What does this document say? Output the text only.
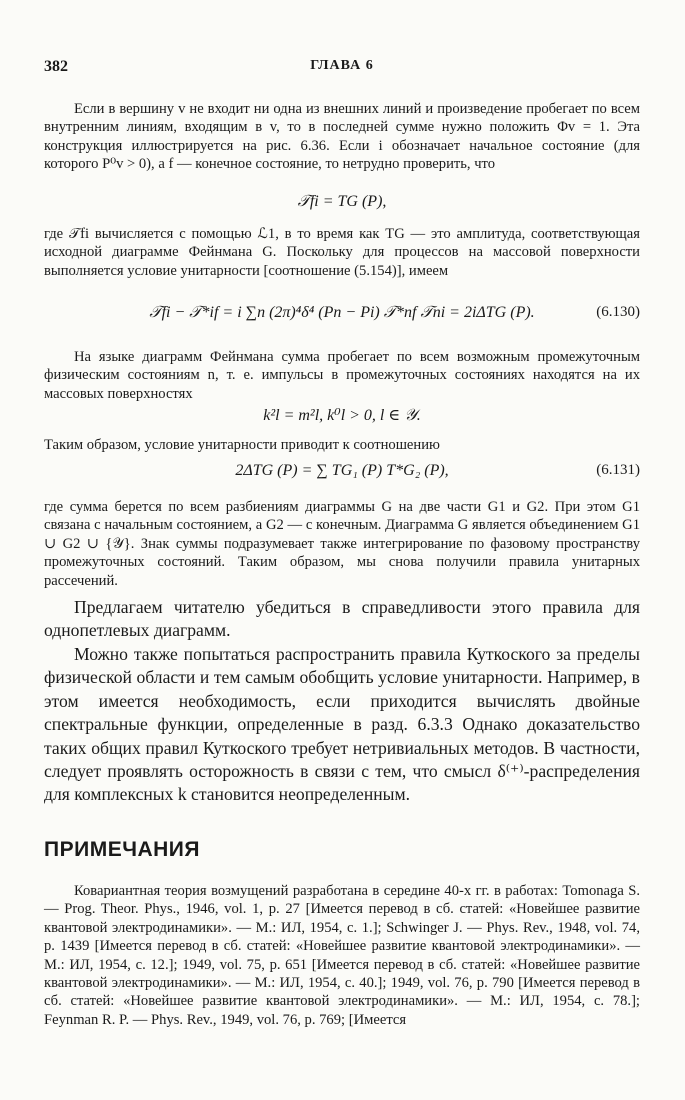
382	ГЛАВА 6

Если в вершину v не входит ни одна из внешних линий и произведение пробегает по всем внутренним линиям, входящим в v, то в последней сумме нужно положить Φv = 1. Эта конструкция иллюстрируется на рис. 6.36. Если i обозначает начальное состояние (для которого P⁰v > 0), а f — конечное состояние, то нетрудно проверить, что

𝒯fi = TG (P),

где 𝒯fi вычисляется с помощью ℒ1, в то время как TG — это амплитуда, соответствующая исходной диаграмме Фейнмана G. Поскольку для процессов на массовой поверхности выполняется условие унитарности [соотношение (5.154)], имеем

𝒯fi − 𝒯*if = i ∑n (2π)⁴δ⁴ (Pn − Pi) 𝒯*nf 𝒯ni = 2iΔTG (P).	(6.130)

На языке диаграмм Фейнмана сумма пробегает по всем возможным промежуточным физическим состояниям n, т. е. импульсы в промежуточных состояниях находятся на их массовых поверхностях

k²l = m²l, k⁰l > 0, l ∈ 𝒴.

Таким образом, условие унитарности приводит к соотношению

2ΔTG (P) = ∑ TG₁ (P) T*G₂ (P),	(6.131)

где сумма берется по всем разбиениям диаграммы G на две части G1 и G2. При этом G1 связана с начальным состоянием, а G2 — с конечным. Диаграмма G является объединением G1 ∪ G2 ∪ {𝒴}. Знак суммы подразумевает также интегрирование по фазовому пространству промежуточных состояний. Таким образом, мы снова получили правила унитарных рассечений.

Предлагаем читателю убедиться в справедливости этого правила для однопетлевых диаграмм.

Можно также попытаться распространить правила Куткоского за пределы физической области и тем самым обобщить условие унитарности. Например, в этом имеется необходимость, если приходится вычислять двойные спектральные функции, определенные в разд. 6.3.3 Однако доказательство таких общих правил Куткоского требует нетривиальных методов. В частности, следует проявлять осторожность в связи с тем, что смысл δ⁽⁺⁾-распределения для комплексных k становится неопределенным.

ПРИМЕЧАНИЯ

Ковариантная теория возмущений разработана в середине 40-х гг. в работах: Tomonaga S. — Prog. Theor. Phys., 1946, vol. 1, p. 27 [Имеется перевод в сб. статей: «Новейшее развитие квантовой электродинамики». — М.: ИЛ, 1954, с. 1.]; Schwinger J. — Phys. Rev., 1948, vol. 74, p. 1439 [Имеется перевод в сб. статей: «Новейшее развитие квантовой электродинамики». — М.: ИЛ, 1954, с. 12.]; 1949, vol. 75, p. 651 [Имеется перевод в сб. статей: «Новейшее развитие квантовой электродинамики». — М.: ИЛ, 1954, с. 40.]; 1949, vol. 76, p. 790 [Имеется перевод в сб. статей: «Новейшее развитие квантовой электродинамики». — М.: ИЛ, 1954, с. 78.]; Feynman R. P. — Phys. Rev., 1949, vol. 76, p. 769; [Имеется
